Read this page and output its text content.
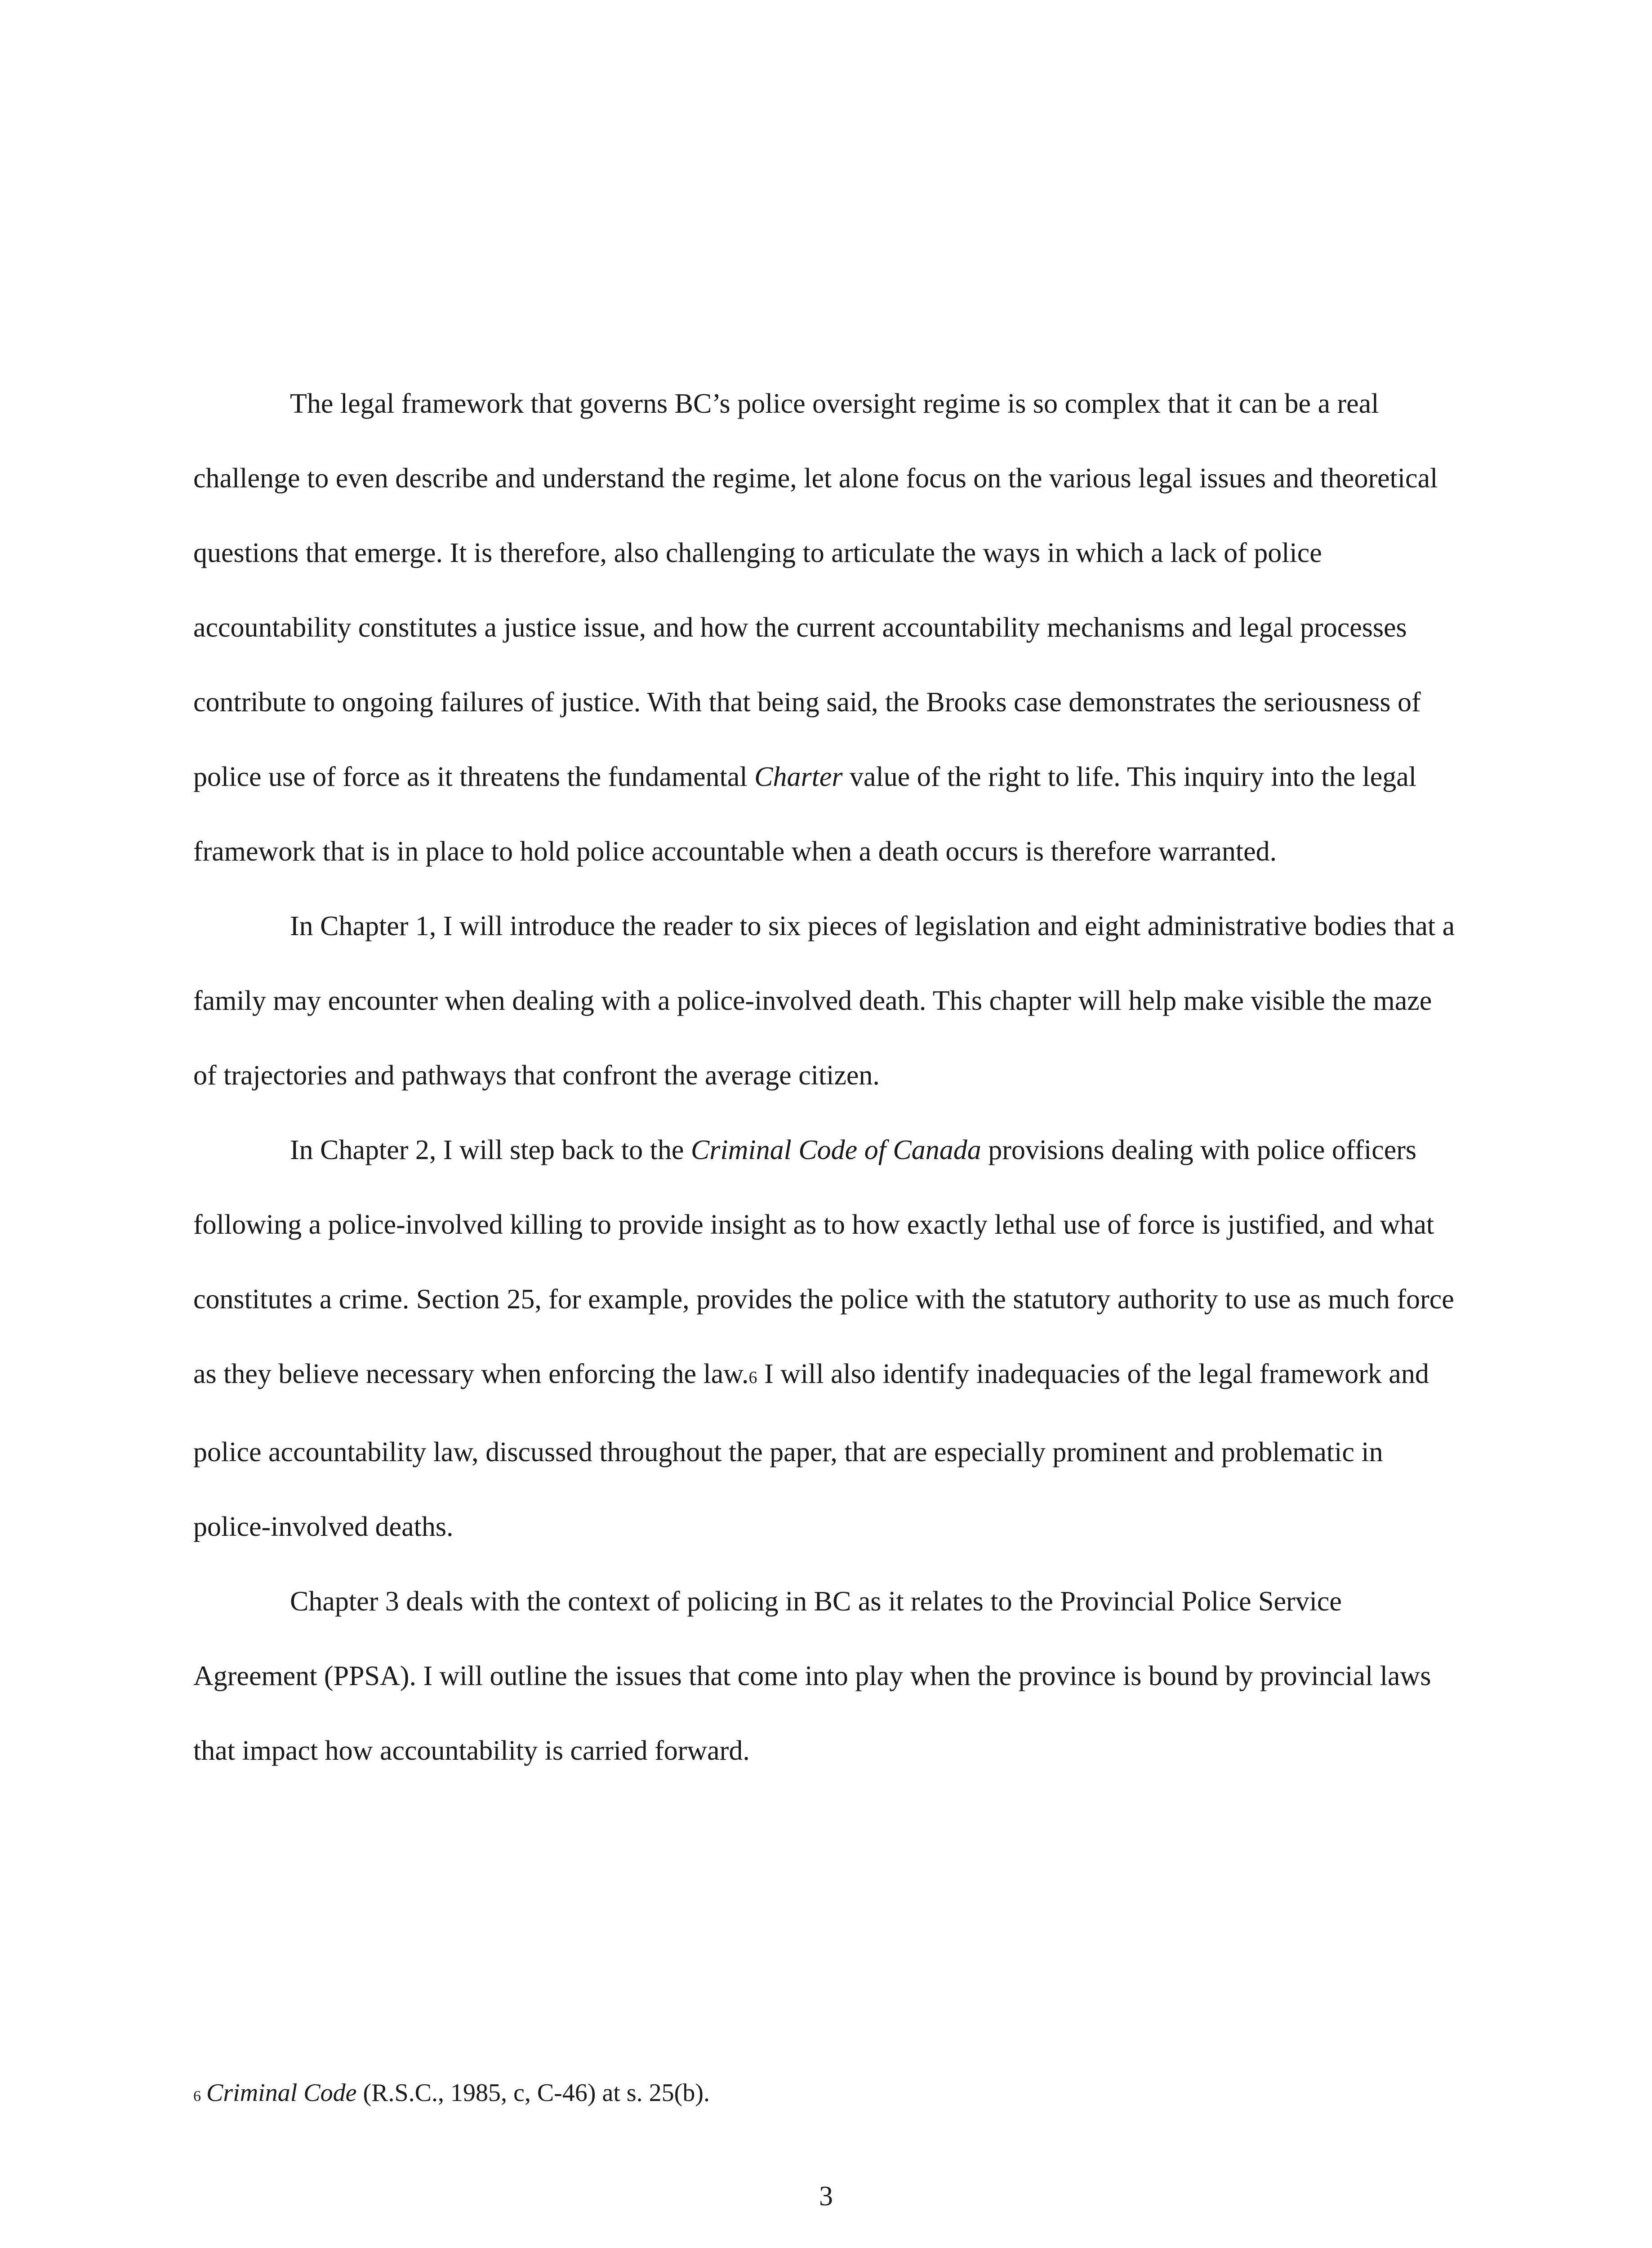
The legal framework that governs BC’s police oversight regime is so complex that it can be a real challenge to even describe and understand the regime, let alone focus on the various legal issues and theoretical questions that emerge. It is therefore, also challenging to articulate the ways in which a lack of police accountability constitutes a justice issue, and how the current accountability mechanisms and legal processes contribute to ongoing failures of justice. With that being said, the Brooks case demonstrates the seriousness of police use of force as it threatens the fundamental Charter value of the right to life. This inquiry into the legal framework that is in place to hold police accountable when a death occurs is therefore warranted.

In Chapter 1, I will introduce the reader to six pieces of legislation and eight administrative bodies that a family may encounter when dealing with a police-involved death. This chapter will help make visible the maze of trajectories and pathways that confront the average citizen.

In Chapter 2, I will step back to the Criminal Code of Canada provisions dealing with police officers following a police-involved killing to provide insight as to how exactly lethal use of force is justified, and what constitutes a crime. Section 25, for example, provides the police with the statutory authority to use as much force as they believe necessary when enforcing the law.6 I will also identify inadequacies of the legal framework and police accountability law, discussed throughout the paper, that are especially prominent and problematic in police-involved deaths.

Chapter 3 deals with the context of policing in BC as it relates to the Provincial Police Service Agreement (PPSA). I will outline the issues that come into play when the province is bound by provincial laws that impact how accountability is carried forward.

6 Criminal Code (R.S.C., 1985, c, C-46) at s. 25(b).
3
